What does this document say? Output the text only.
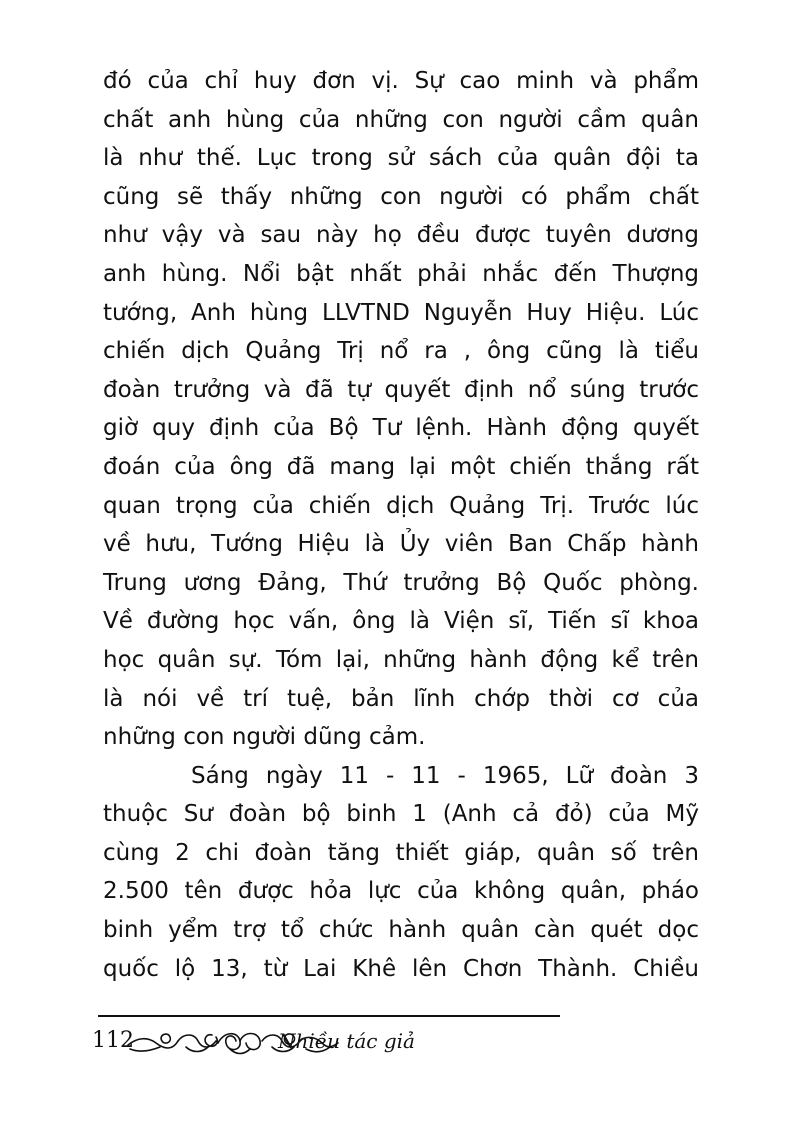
đó của chỉ huy đơn vị. Sự cao minh và phẩm
chất anh hùng của những con người cầm quân
là như thế. Lục trong sử sách của quân đội ta
cũng sẽ thấy những con người có phẩm chất
như vậy và sau này họ đều được tuyên dương
anh hùng. Nổi bật nhất phải nhắc đến Thượng
tướng, Anh hùng LLVTND Nguyễn Huy Hiệu. Lúc
chiến dịch Quảng Trị nổ ra , ông cũng là tiểu
đoàn trưởng và đã tự quyết định nổ súng trước
giờ quy định của Bộ Tư lệnh. Hành động quyết
đoán của ông đã mang lại một chiến thắng rất
quan trọng của chiến dịch Quảng Trị. Trước lúc
về hưu, Tướng Hiệu là Ủy viên Ban Chấp hành
Trung ương Đảng, Thứ trưởng Bộ Quốc phòng.
Về đường học vấn, ông là Viện sĩ, Tiến sĩ khoa
học quân sự. Tóm lại, những hành động kể trên
là nói về trí tuệ, bản lĩnh chớp thời cơ của
những con người dũng cảm.
Sáng ngày 11 - 11 - 1965, Lữ đoàn 3
thuộc Sư đoàn bộ binh 1 (Anh cả đỏ) của Mỹ
cùng 2 chi đoàn tăng thiết giáp, quân số trên
2.500 tên được hỏa lực của không quân, pháo
binh yểm trợ tổ chức hành quân càn quét dọc
quốc lộ 13, từ Lai Khê lên Chơn Thành. Chiều
112	Nhiều tác giả
